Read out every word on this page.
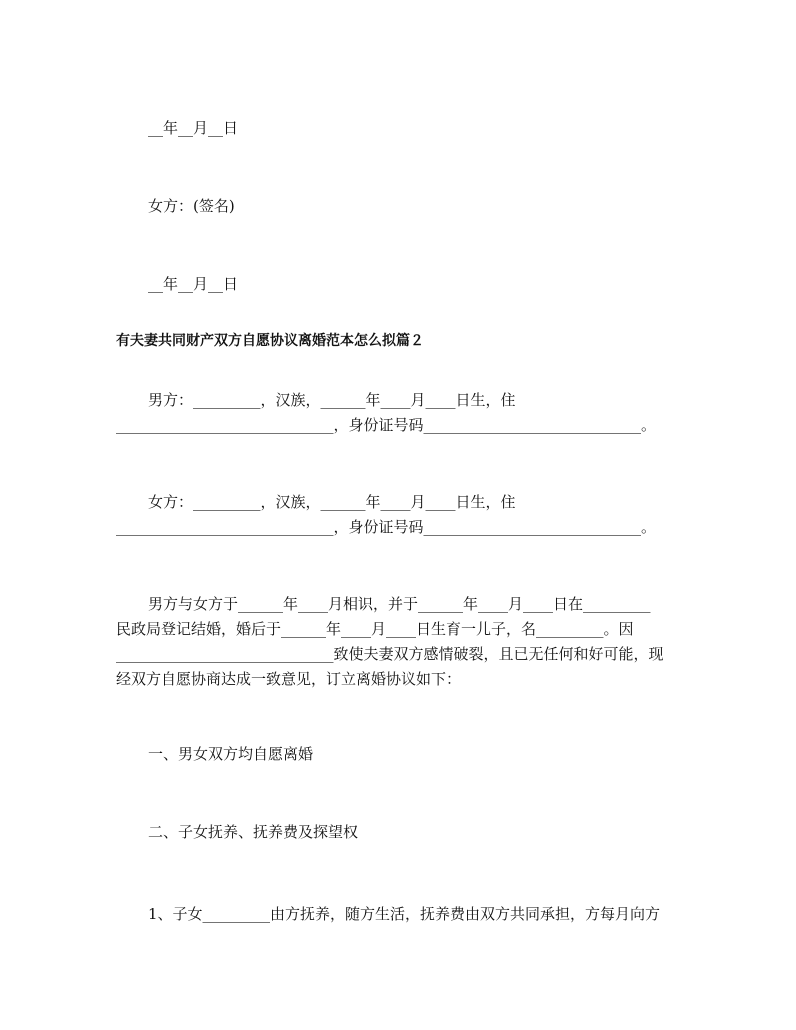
__年__月__日
女方：(签名)
__年__月__日
有夫妻共同财产双方自愿协议离婚范本怎么拟篇２
男方：_________，汉族，______年____月____日生，住
_____________________________，身份证号码_____________________________。
女方：_________，汉族，______年____月____日生，住
_____________________________，身份证号码_____________________________。
男方与女方于______年____月相识，并于______年____月____日在_________
民政局登记结婚，婚后于______年____月____日生育一儿子，名_________。因
_____________________________致使夫妻双方感情破裂，且已无任何和好可能，现
经双方自愿协商达成一致意见，订立离婚协议如下：
一、男女双方均自愿离婚
二、子女抚养、抚养费及探望权
1、子女_________由方抚养，随方生活，抚养费由双方共同承担，方每月向方
